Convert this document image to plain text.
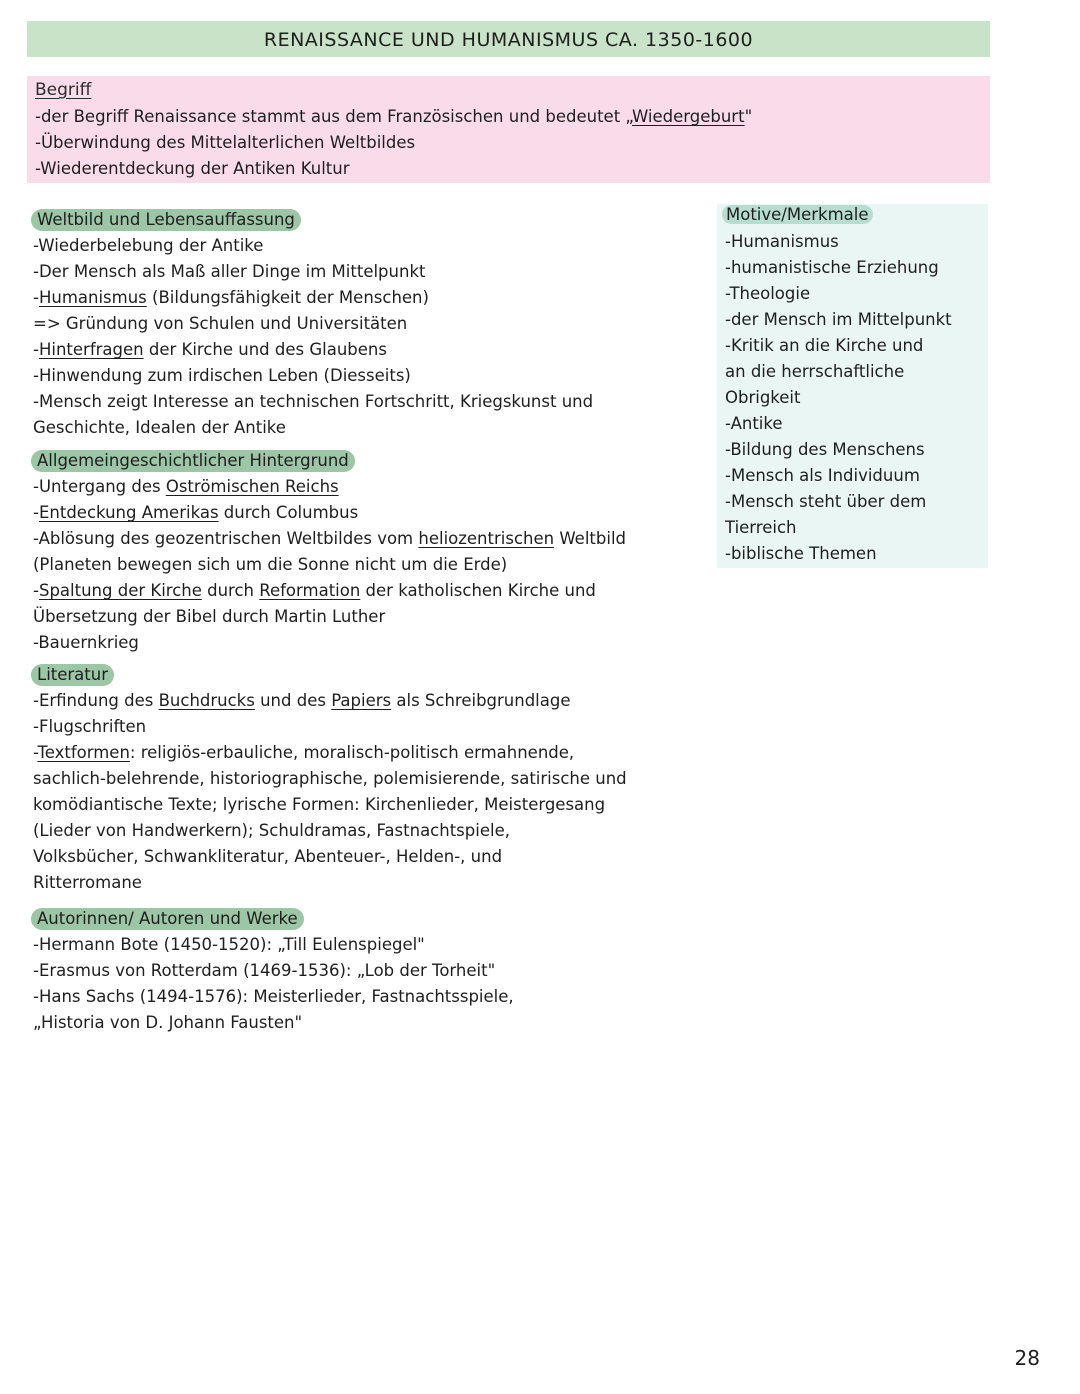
RENAISSANCE UND HUMANISMUS CA. 1350-1600
Begriff
-der Begriff Renaissance stammt aus dem Französischen und bedeutet „Wiedergeburt"
-Überwindung des Mittelalterlichen Weltbildes
-Wiederentdeckung der Antiken Kultur
Motive/Merkmale
-Humanismus
-humanistische Erziehung
-Theologie
-der Mensch im Mittelpunkt
-Kritik an die Kirche und
an die herrschaftliche
Obrigkeit
-Antike
-Bildung des Menschens
-Mensch als Individuum
-Mensch steht über dem
Tierreich
-biblische Themen
Weltbild und Lebensauffassung
-Wiederbelebung der Antike
-Der Mensch als Maß aller Dinge im Mittelpunkt
-Humanismus (Bildungsfähigkeit der Menschen)
=> Gründung von Schulen und Universitäten
-Hinterfragen der Kirche und des Glaubens
-Hinwendung zum irdischen Leben (Diesseits)
-Mensch zeigt Interesse an technischen Fortschritt, Kriegskunst und
Geschichte, Idealen der Antike
Allgemeingeschichtlicher Hintergrund
-Untergang des Oströmischen Reichs
-Entdeckung Amerikas durch Columbus
-Ablösung des geozentrischen Weltbildes vom heliozentrischen Weltbild
(Planeten bewegen sich um die Sonne nicht um die Erde)
-Spaltung der Kirche durch Reformation der katholischen Kirche und
Übersetzung der Bibel durch Martin Luther
-Bauernkrieg
Literatur
-Erfindung des Buchdrucks und des Papiers als Schreibgrundlage
-Flugschriften
-Textformen: religiös-erbauliche, moralisch-politisch ermahnende,
sachlich-belehrende, historiographische, polemisierende, satirische und
komödiantische Texte; lyrische Formen: Kirchenlieder, Meistergesang
(Lieder von Handwerkern); Schuldramas, Fastnachtspiele,
Volksbücher, Schwankliteratur, Abenteuer-, Helden-, und
Ritterromane
Autorinnen/ Autoren und Werke
-Hermann Bote (1450-1520): „Till Eulenspiegel"
-Erasmus von Rotterdam (1469-1536): „Lob der Torheit"
-Hans Sachs (1494-1576): Meisterlieder, Fastnachtsspiele,
„Historia von D. Johann Fausten"
28
